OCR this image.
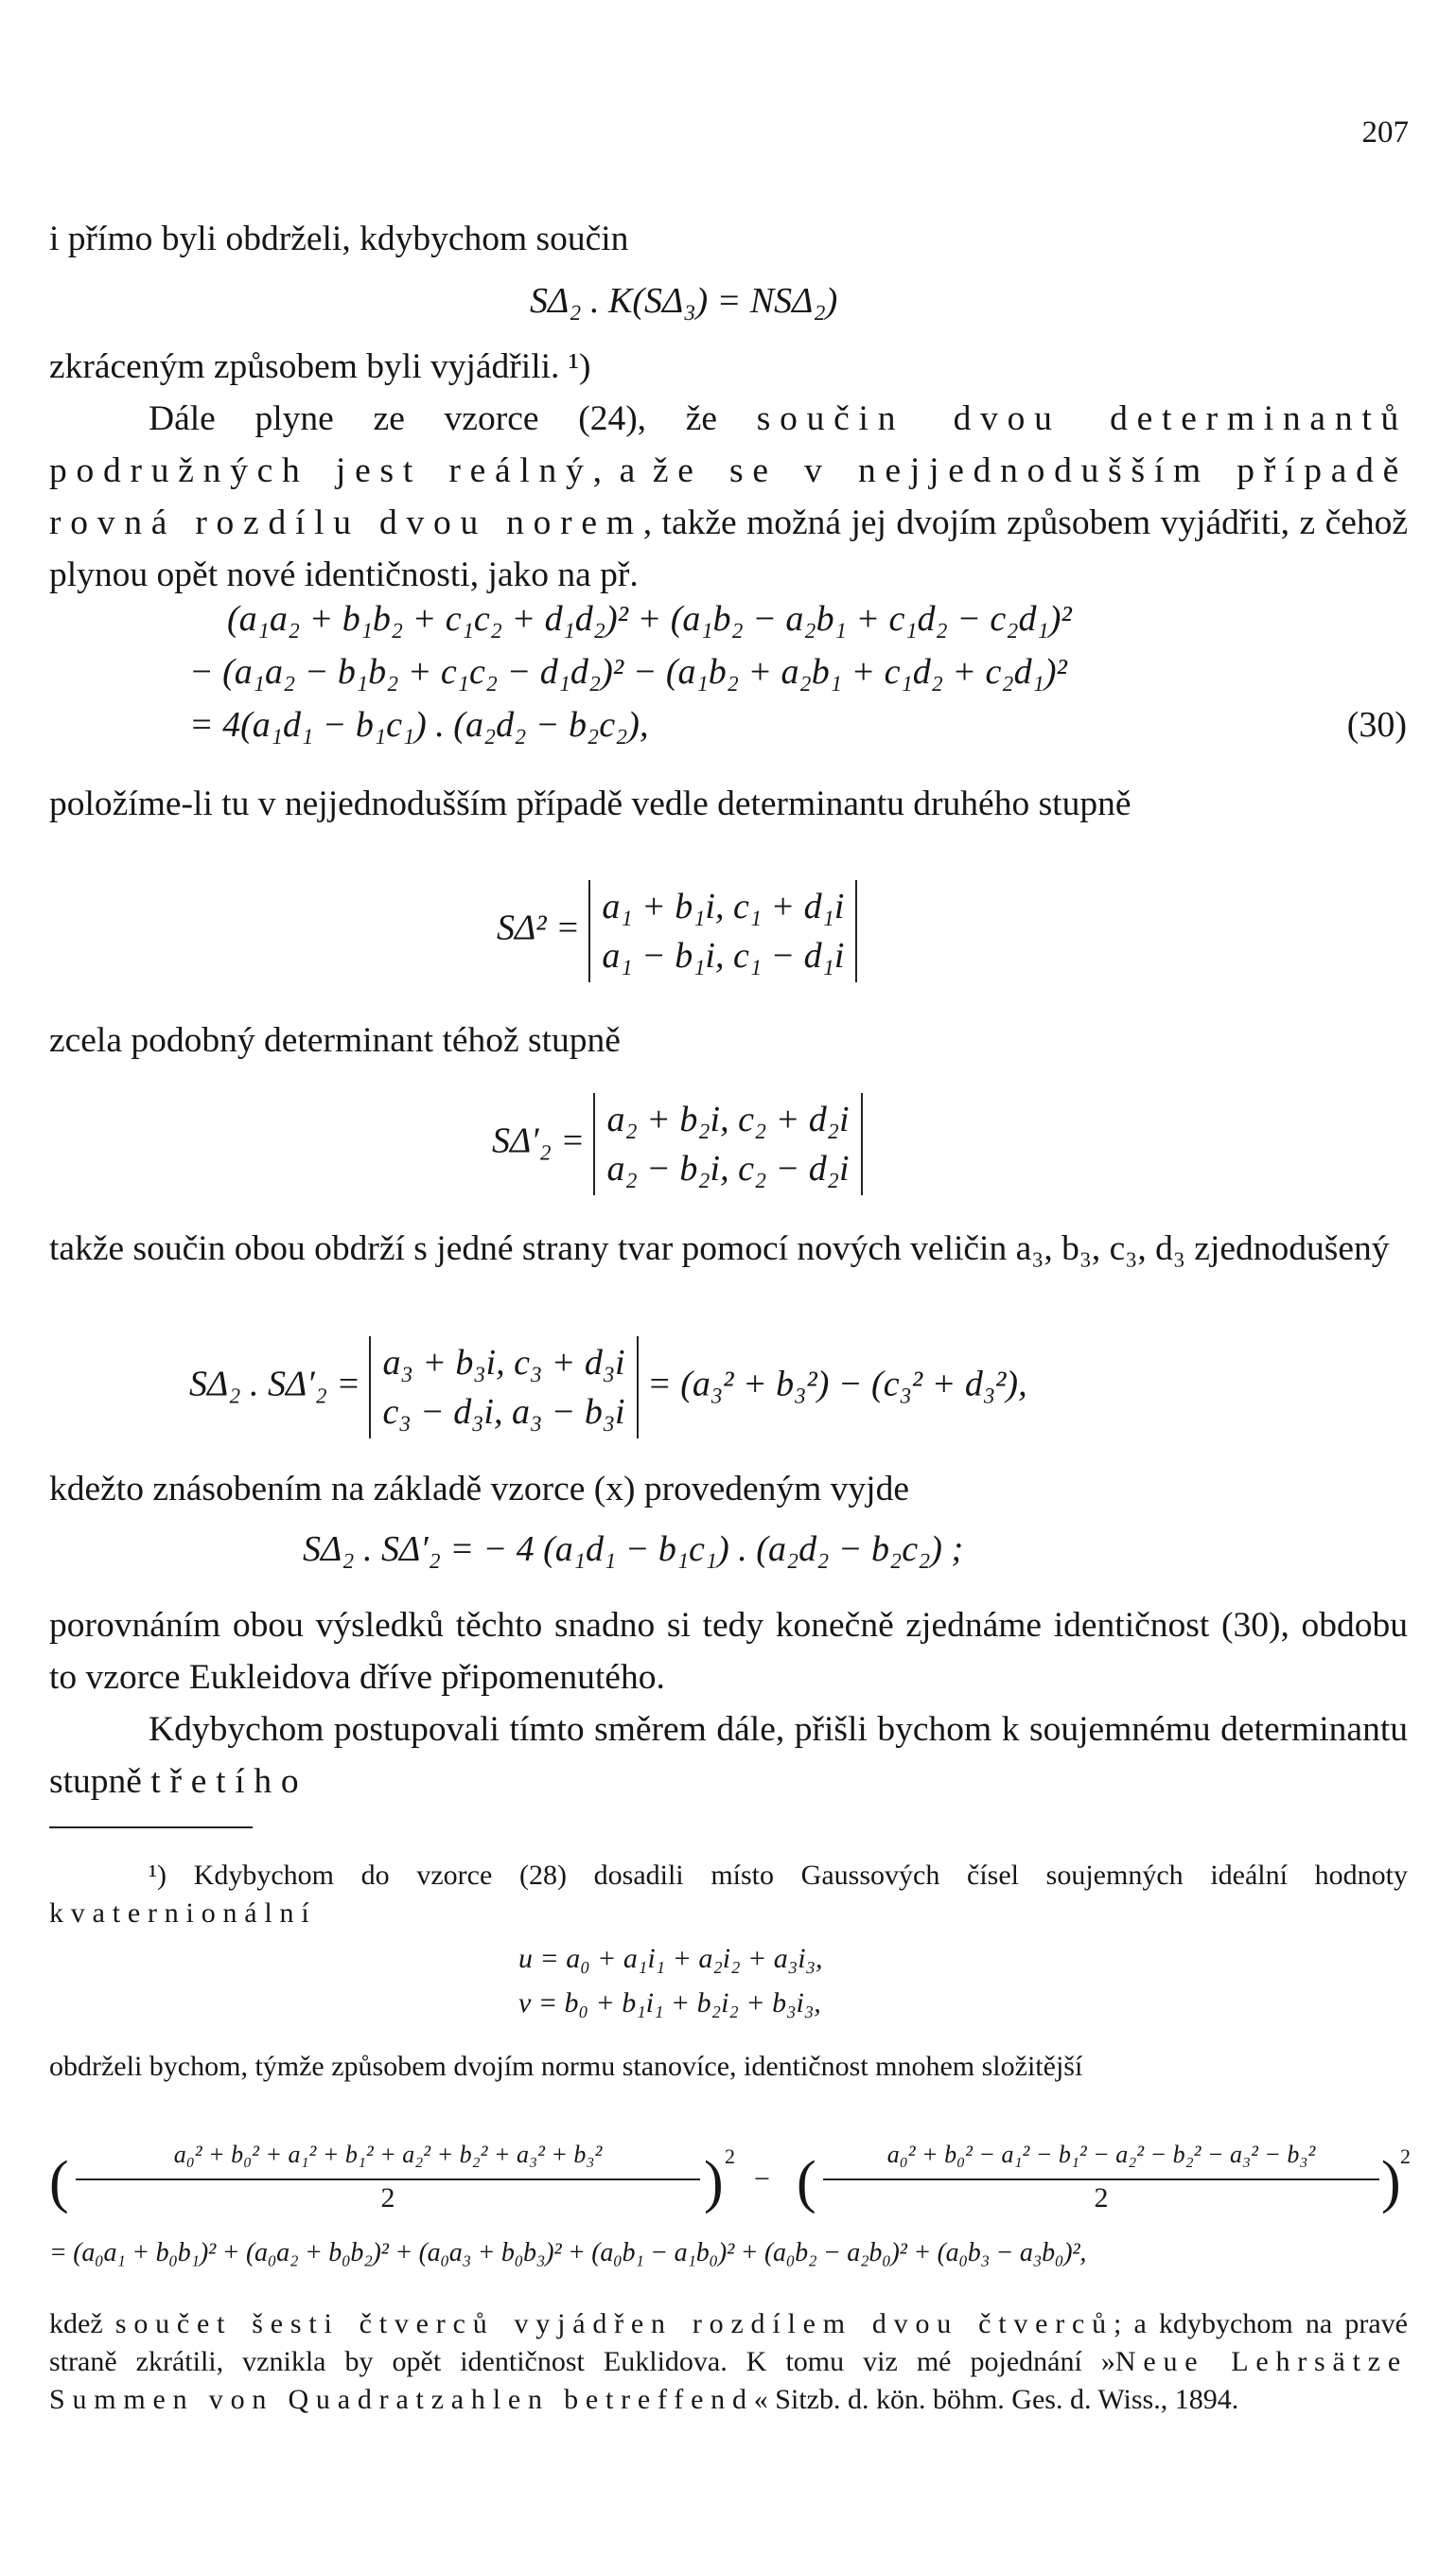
207

i přímo byli obdrželi, kdybychom součin

SΔ₂ . K(SΔ₃) = NSΔ₂)

zkráceným způsobem byli vyjádřili. ¹)

Dále plyne ze vzorce (24), že součin dvou determinantů podružných jest reálný, a že se v nejjednodušším případě rovná rozdílu dvou norem, takže možná jej dvojím způsobem vyjádřiti, z čehož plynou opět nové identičnosti, jako na př.

(a₁a₂ + b₁b₂ + c₁c₂ + d₁d₂)² + (a₁b₂ − a₂b₁ + c₁d₂ − c₂d₁)²
− (a₁a₂ − b₁b₂ + c₁c₂ − d₁d₂)² − (a₁b₂ + a₂b₁ + c₁d₂ + c₂d₁)²
= 4(a₁d₁ − b₁c₁) . (a₂d₂ − b₂c₂),	(30)

položíme-li tu v nejjednodušším případě vedle determinantu druhého stupně

SΔ² =
a₁ + b₁i, c₁ + d₁i
a₁ − b₁i, c₁ − d₁i

zcela podobný determinant téhož stupně

SΔ′₂ =
a₂ + b₂i, c₂ + d₂i
a₂ − b₂i, c₂ − d₂i

takže součin obou obdrží s jedné strany tvar pomocí nových veličin a₃, b₃, c₃, d₃ zjednodušený

SΔ₂ . SΔ′₂ =
a₃ + b₃i, c₃ + d₃i
c₃ − d₃i, a₃ − b₃i
= (a₃² + b₃²) − (c₃² + d₃²),

kdežto znásobením na základě vzorce (x) provedeným vyjde

SΔ₂ . SΔ′₂ = − 4 (a₁d₁ − b₁c₁) . (a₂d₂ − b₂c₂) ;

porovnáním obou výsledků těchto snadno si tedy konečně zjednáme identičnost (30), obdobu to vzorce Eukleidova dříve připomenutého.

Kdybychom postupovali tímto směrem dále, přišli bychom k soujemnému determinantu stupně třetího

¹) Kdybychom do vzorce (28) dosadili místo Gaussových čísel soujemných ideální hodnoty kvaternionální

u = a₀ + a₁i₁ + a₂i₂ + a₃i₃,
v = b₀ + b₁i₁ + b₂i₂ + b₃i₃,

obdrželi bychom, týmže způsobem dvojím normu stanovíce, identičnost mnohem složitější

(	a₀² + b₀² + a₁² + b₁² + a₂² + b₂² + a₃² + b₃²
2	) 2
− (	a₀² + b₀² − a₁² − b₁² − a₂² − b₂² − a₃² − b₃²
2	) 2
= (a₀a₁ + b₀b₁)² + (a₀a₂ + b₀b₂)² + (a₀a₃ + b₀b₃)² + (a₀b₁ − a₁b₀)² + (a₀b₂ − a₂b₀)² + (a₀b₃ − a₃b₀)²,

kdež součet šesti čtverců vyjádřen rozdílem dvou čtverců; a kdybychom na pravé straně zkrátili, vznikla by opět identičnost Euklidova. K tomu viz mé pojednání »Neue Lehrsätze Summen von Quadratzahlen betreffend« Sitzb. d. kön. böhm. Ges. d. Wiss., 1894.
